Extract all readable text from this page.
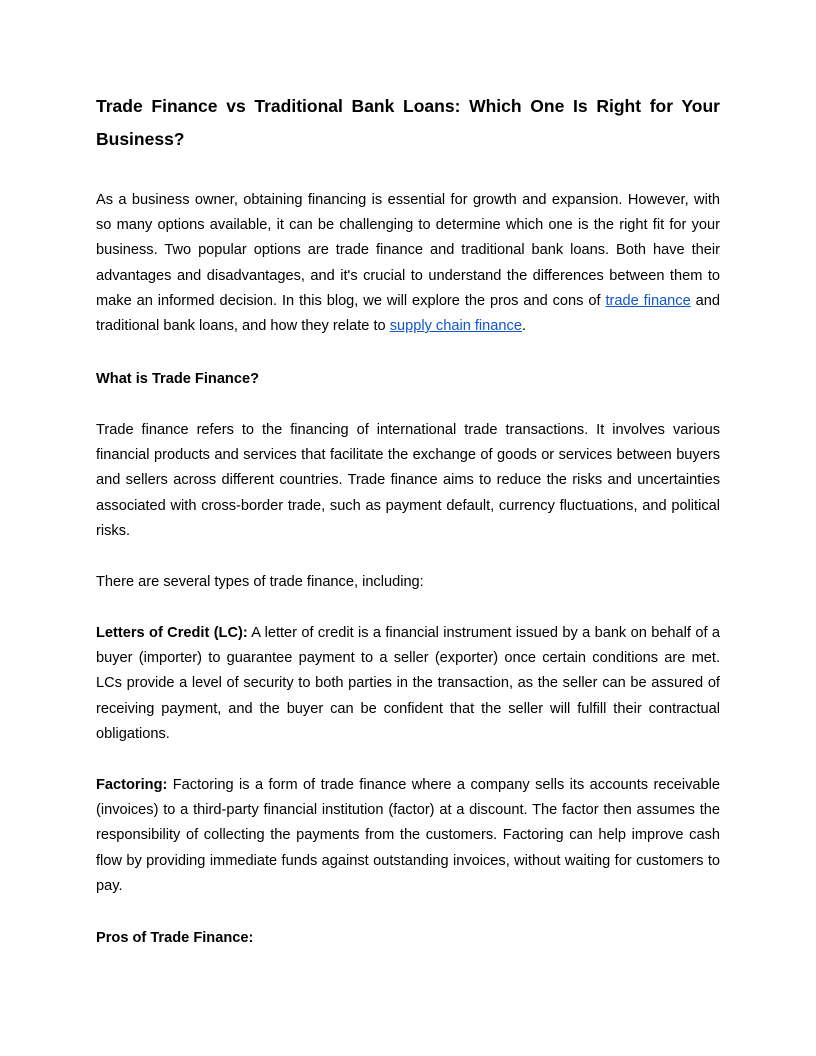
Trade Finance vs Traditional Bank Loans: Which One Is Right for Your Business?

As a business owner, obtaining financing is essential for growth and expansion. However, with so many options available, it can be challenging to determine which one is the right fit for your business. Two popular options are trade finance and traditional bank loans. Both have their advantages and disadvantages, and it's crucial to understand the differences between them to make an informed decision. In this blog, we will explore the pros and cons of trade finance and traditional bank loans, and how they relate to supply chain finance.

What is Trade Finance?

Trade finance refers to the financing of international trade transactions. It involves various financial products and services that facilitate the exchange of goods or services between buyers and sellers across different countries. Trade finance aims to reduce the risks and uncertainties associated with cross-border trade, such as payment default, currency fluctuations, and political risks.

There are several types of trade finance, including:

Letters of Credit (LC): A letter of credit is a financial instrument issued by a bank on behalf of a buyer (importer) to guarantee payment to a seller (exporter) once certain conditions are met. LCs provide a level of security to both parties in the transaction, as the seller can be assured of receiving payment, and the buyer can be confident that the seller will fulfill their contractual obligations.

Factoring: Factoring is a form of trade finance where a company sells its accounts receivable (invoices) to a third-party financial institution (factor) at a discount. The factor then assumes the responsibility of collecting the payments from the customers. Factoring can help improve cash flow by providing immediate funds against outstanding invoices, without waiting for customers to pay.

Pros of Trade Finance:
